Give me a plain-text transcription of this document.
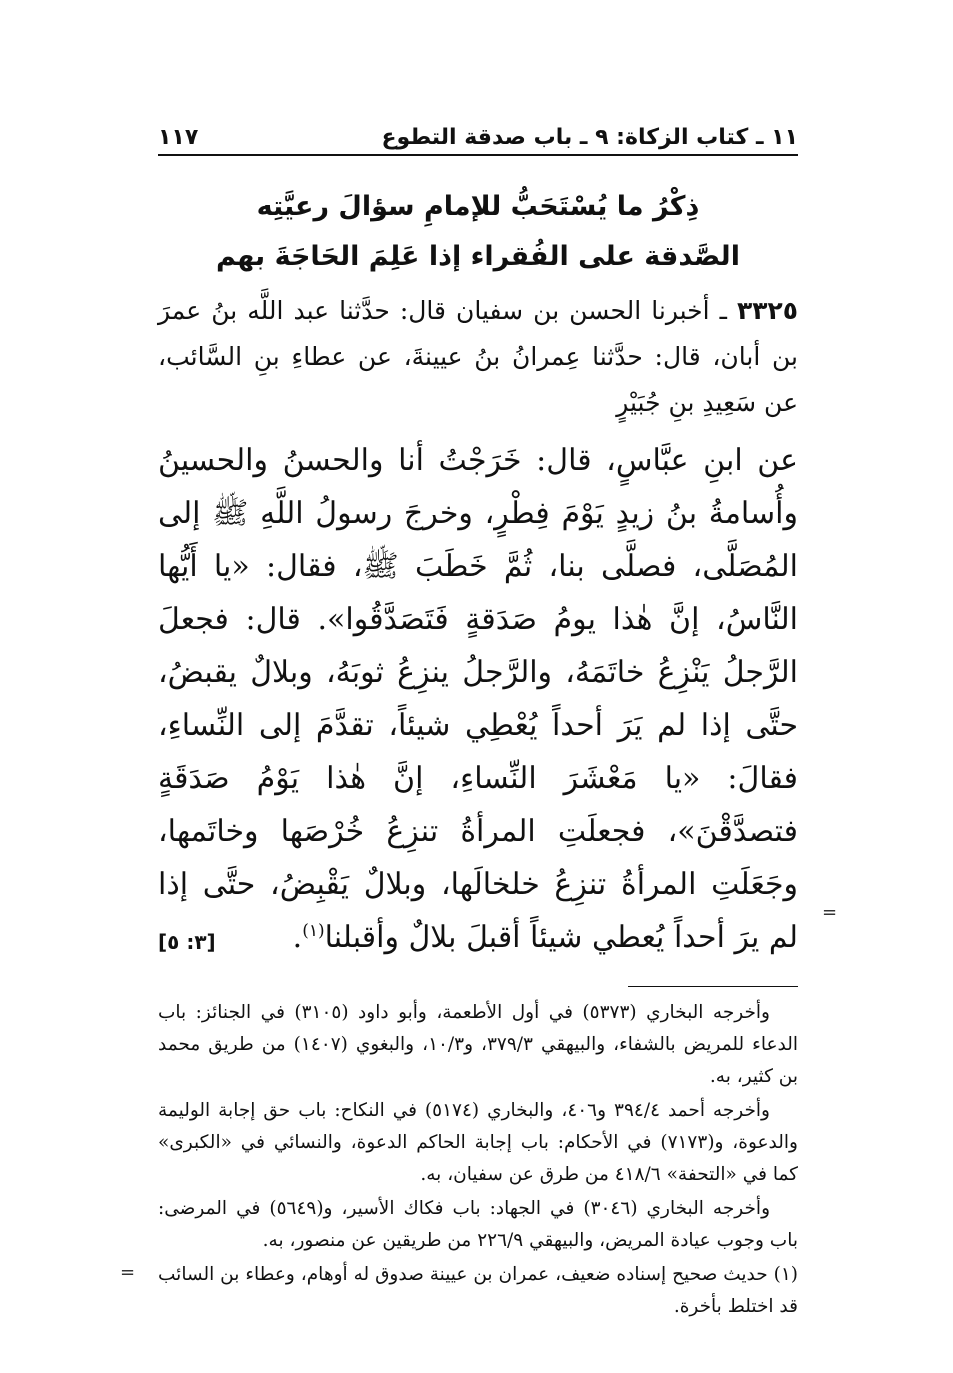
١١ ـ كتاب الزكاة: ٩ ـ باب صدقة التطوع
١١٧
ذِكْرُ ما يُسْتَحَبُّ للإمامِ سؤالَ رعيَّتِه
الصَّدقة على الفُقراء إذا عَلِمَ الحَاجَةَ بهم
٣٣٢٥ ـ أخبرنا الحسن بن سفيان قال: حدَّثنا عبد اللَّه بنُ عمرَ بن أبان، قال: حدَّثنا عِمرانُ بنُ عيينةَ، عن عطاءِ بنِ السَّائب، عن سَعِيدِ بنِ جُبَيْرٍ
عن ابنِ عبَّاسٍ، قال: خَرَجْتُ أنا والحسنُ والحسينُ وأُسامةُ بنُ زيدٍ يَوْمَ فِطْرٍ، وخرجَ رسولُ اللَّهِ ﷺ إلى المُصَلَّى، فصلَّى بنا، ثُمَّ خَطَبَ ﷺ، فقال: «يا أَيُّها النَّاسُ، إنَّ هٰذا يومُ صَدَقةٍ فَتَصَدَّقُوا». قال: فجعلَ الرَّجلُ يَنْزِعُ خاتَمَهُ، والرَّجلُ ينزِعُ ثوبَهُ، وبلالٌ يقبضُ، حتَّى إذا لم يَرَ أحداً يُعْطِي شيئاً، تقدَّمَ إلى النِّساءِ، فقالَ: «يا مَعْشَرَ النِّساءِ، إنَّ هٰذا يَوْمُ صَدَقَةٍ فتصدَّقْنَ»، فجعلَتِ المرأةُ تنزِعُ خُرْصَها وخاتَمها، وجَعَلَتِ المرأةُ تنزِعُ خلخالَها، وبلالٌ يَقْبِضُ، حتَّى إذا لم يرَ أحداً يُعطي شيئاً أقبلَ بلالٌ وأقبلنا$^{(١)}$.
[٣: ٥]

وأخرجه البخاري (٥٣٧٣) في أول الأطعمة، وأبو داود (٣١٠٥) في الجنائز: باب الدعاء للمريض بالشفاء، والبيهقي ٣٧٩/٣، و١٠/٣، والبغوي (١٤٠٧) من طريق محمد بن كثير، به.

وأخرجه أحمد ٣٩٤/٤ و٤٠٦، والبخاري (٥١٧٤) في النكاح: باب حق إجابة الوليمة والدعوة، و(٧١٧٣) في الأحكام: باب إجابة الحاكم الدعوة، والنسائي في «الكبرى» كما في «التحفة» ٤١٨/٦ من طرق عن سفيان، به.

وأخرجه البخاري (٣٠٤٦) في الجهاد: باب فكاك الأسير، و(٥٦٤٩) في المرضى: باب وجوب عيادة المريض، والبيهقي ٢٢٦/٩ من طريقين عن منصور، به.

(١) حديث صحيح إسناده ضعيف، عمران بن عيينة صدوق له أوهام، وعطاء بن السائب قد اختلط بأخرة.

=
=
